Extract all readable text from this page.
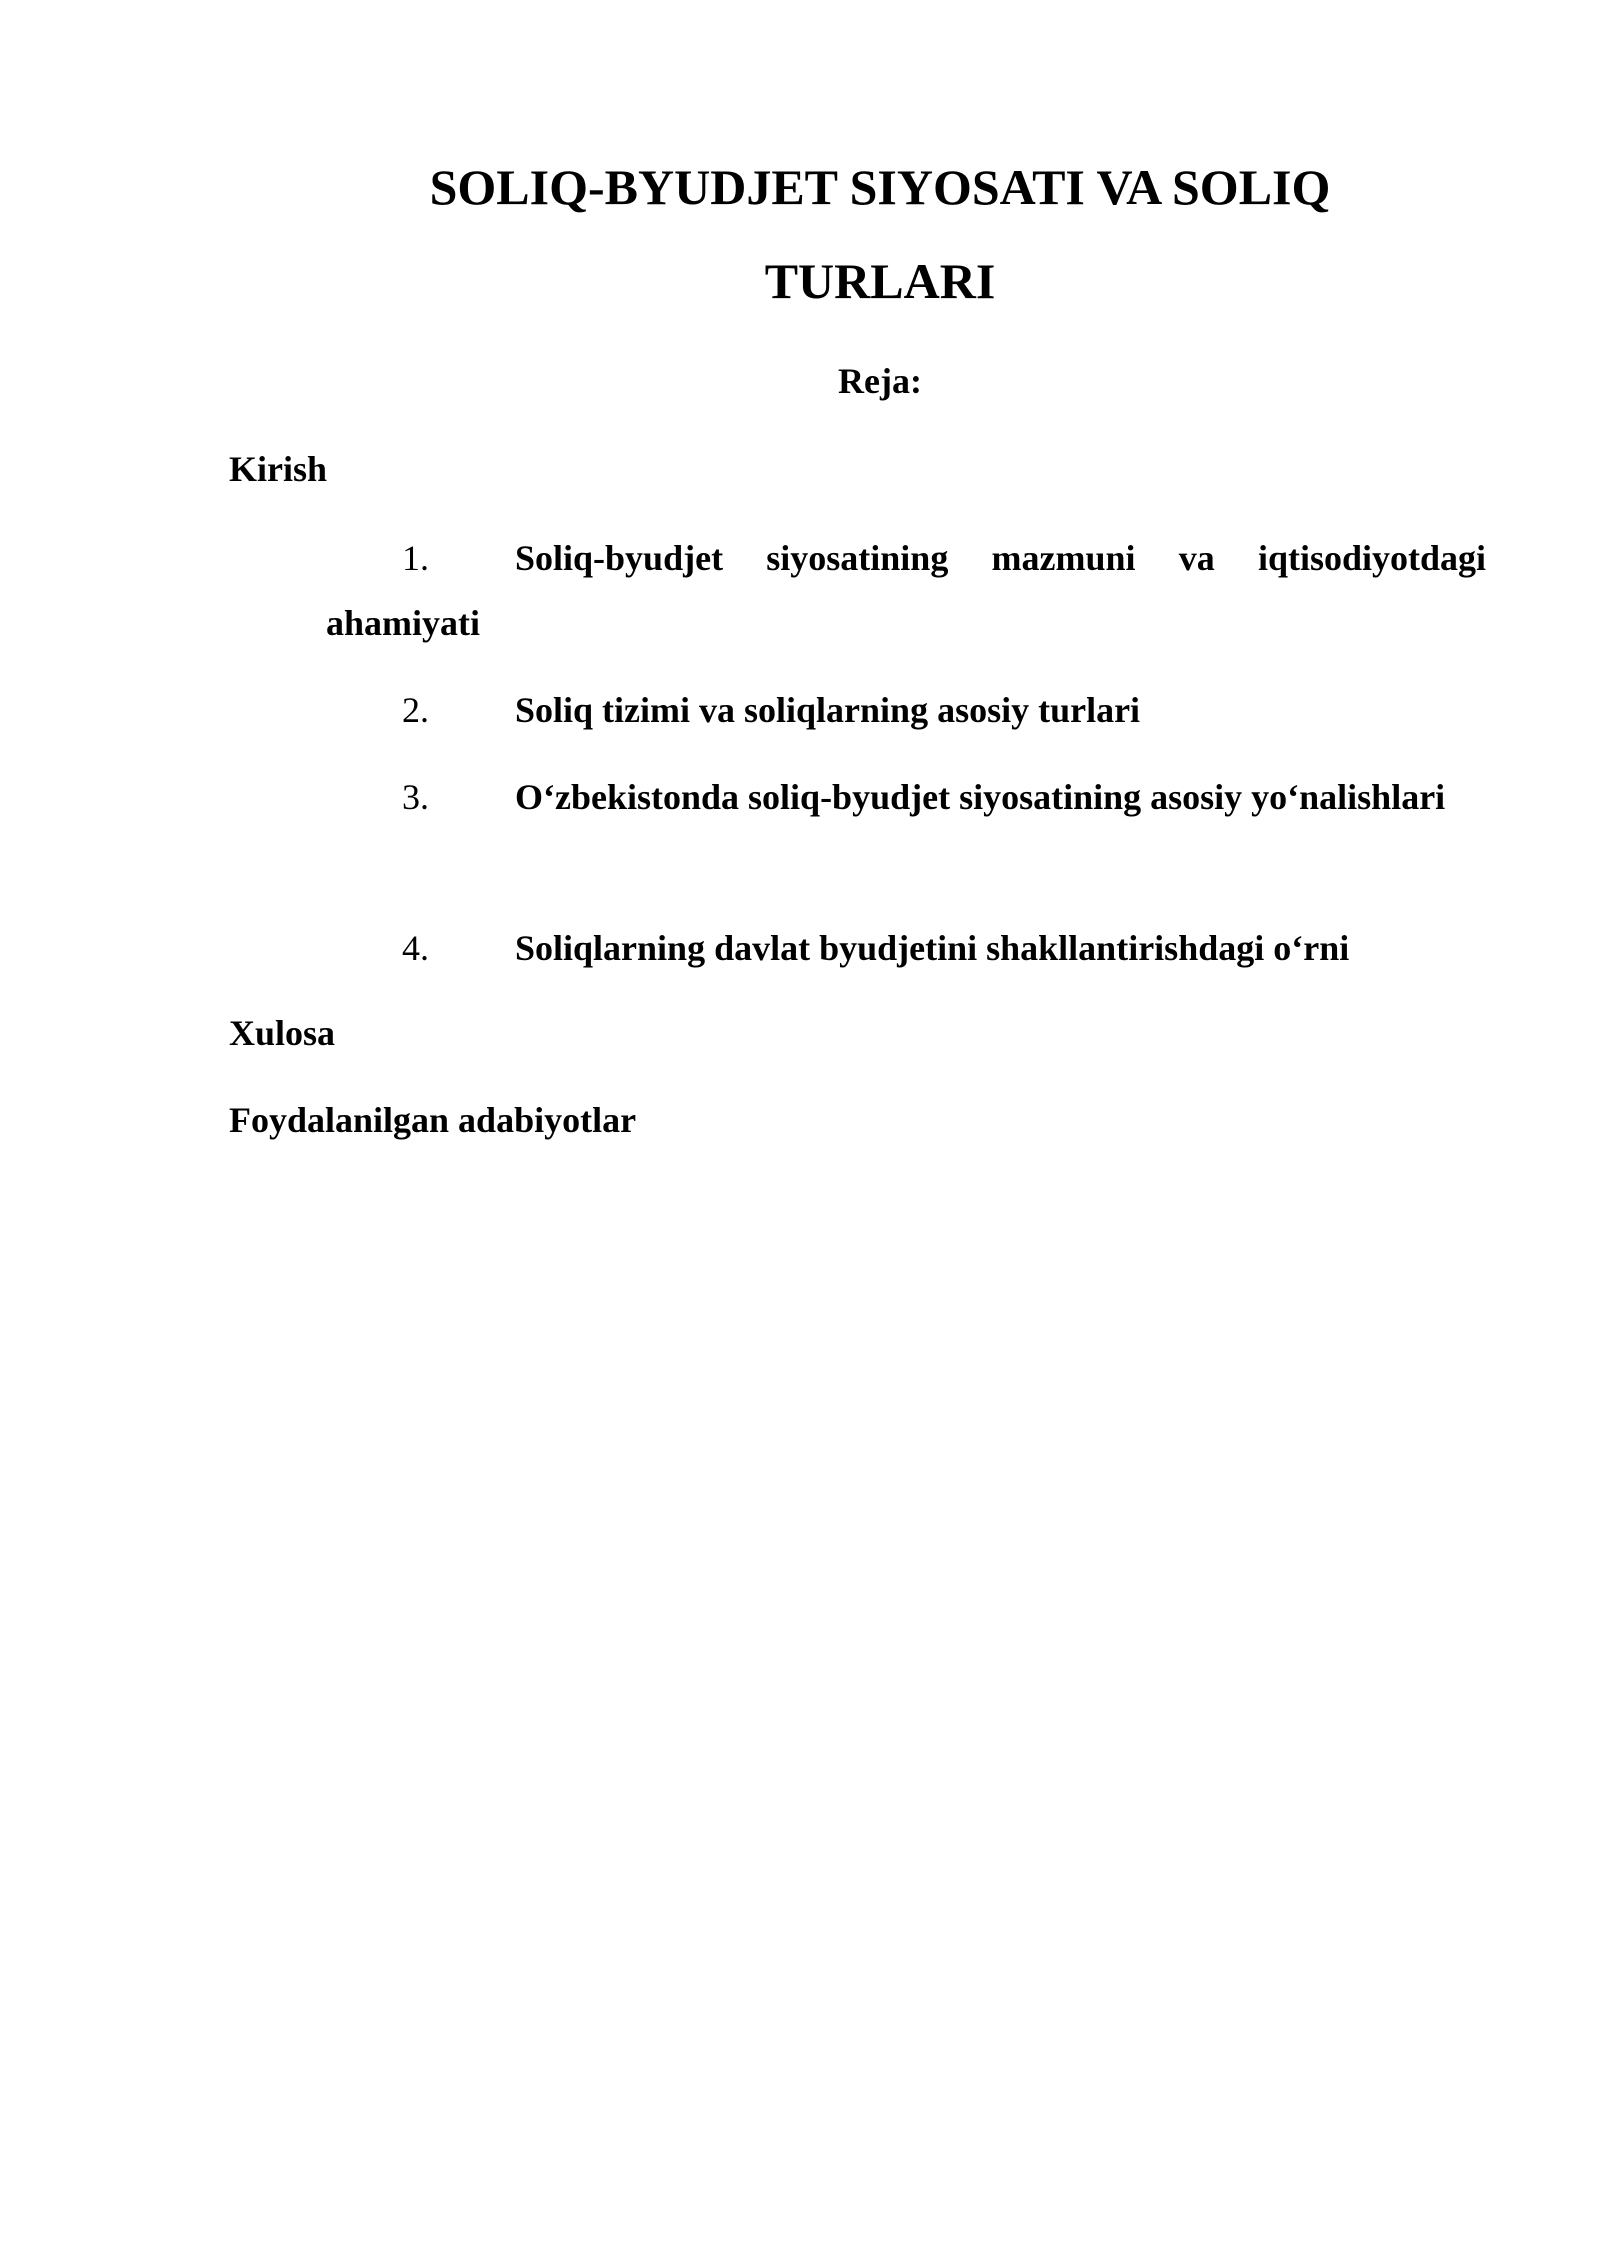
SOLIQ-BYUDJET SIYOSATI VA SOLIQ TURLARI

Reja:

Kirish

1.	Soliq-byudjet siyosatining mazmuni va iqtisodiyotdagi ahamiyati
2.	Soliq tizimi va soliqlarning asosiy turlari
3.	O‘zbekistonda soliq-byudjet siyosatining asosiy yo‘nalishlari
4.	Soliqlarning davlat byudjetini shakllantirishdagi o‘rni

Xulosa

Foydalanilgan adabiyotlar
